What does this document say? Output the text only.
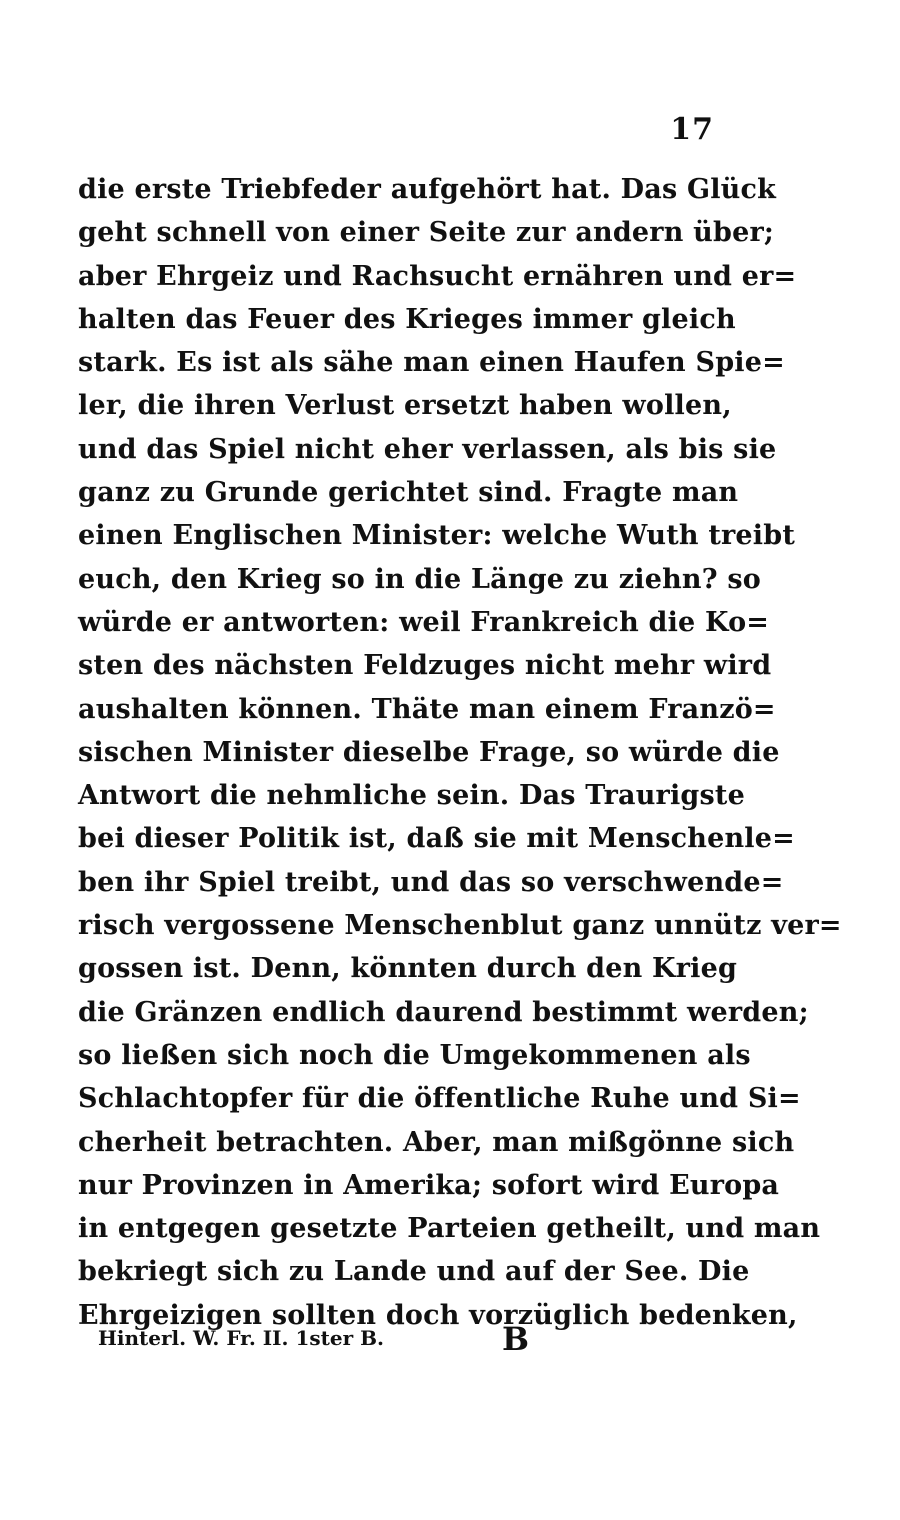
17
die erste Triebfeder aufgehört hat. Das Glück
geht schnell von einer Seite zur andern über;
aber Ehrgeiz und Rachsucht ernähren und er=
halten das Feuer des Krieges immer gleich
stark. Es ist als sähe man einen Haufen Spie=
ler, die ihren Verlust ersetzt haben wollen,
und das Spiel nicht eher verlassen, als bis sie
ganz zu Grunde gerichtet sind. Fragte man
einen Englischen Minister: welche Wuth treibt
euch, den Krieg so in die Länge zu ziehn? so
würde er antworten: weil Frankreich die Ko=
sten des nächsten Feldzuges nicht mehr wird
aushalten können. Thäte man einem Franzö=
sischen Minister dieselbe Frage, so würde die
Antwort die nehmliche sein. Das Traurigste
bei dieser Politik ist, daß sie mit Menschenle=
ben ihr Spiel treibt, und das so verschwende=
risch vergossene Menschenblut ganz unnütz ver=
gossen ist. Denn, könnten durch den Krieg
die Gränzen endlich daurend bestimmt werden;
so ließen sich noch die Umgekommenen als
Schlachtopfer für die öffentliche Ruhe und Si=
cherheit betrachten. Aber, man mißgönne sich
nur Provinzen in Amerika; sofort wird Europa
in entgegen gesetzte Parteien getheilt, und man
bekriegt sich zu Lande und auf der See. Die
Ehrgeizigen sollten doch vorzüglich bedenken,
Hinterl. W. Fr. II. 1ster B.	B
